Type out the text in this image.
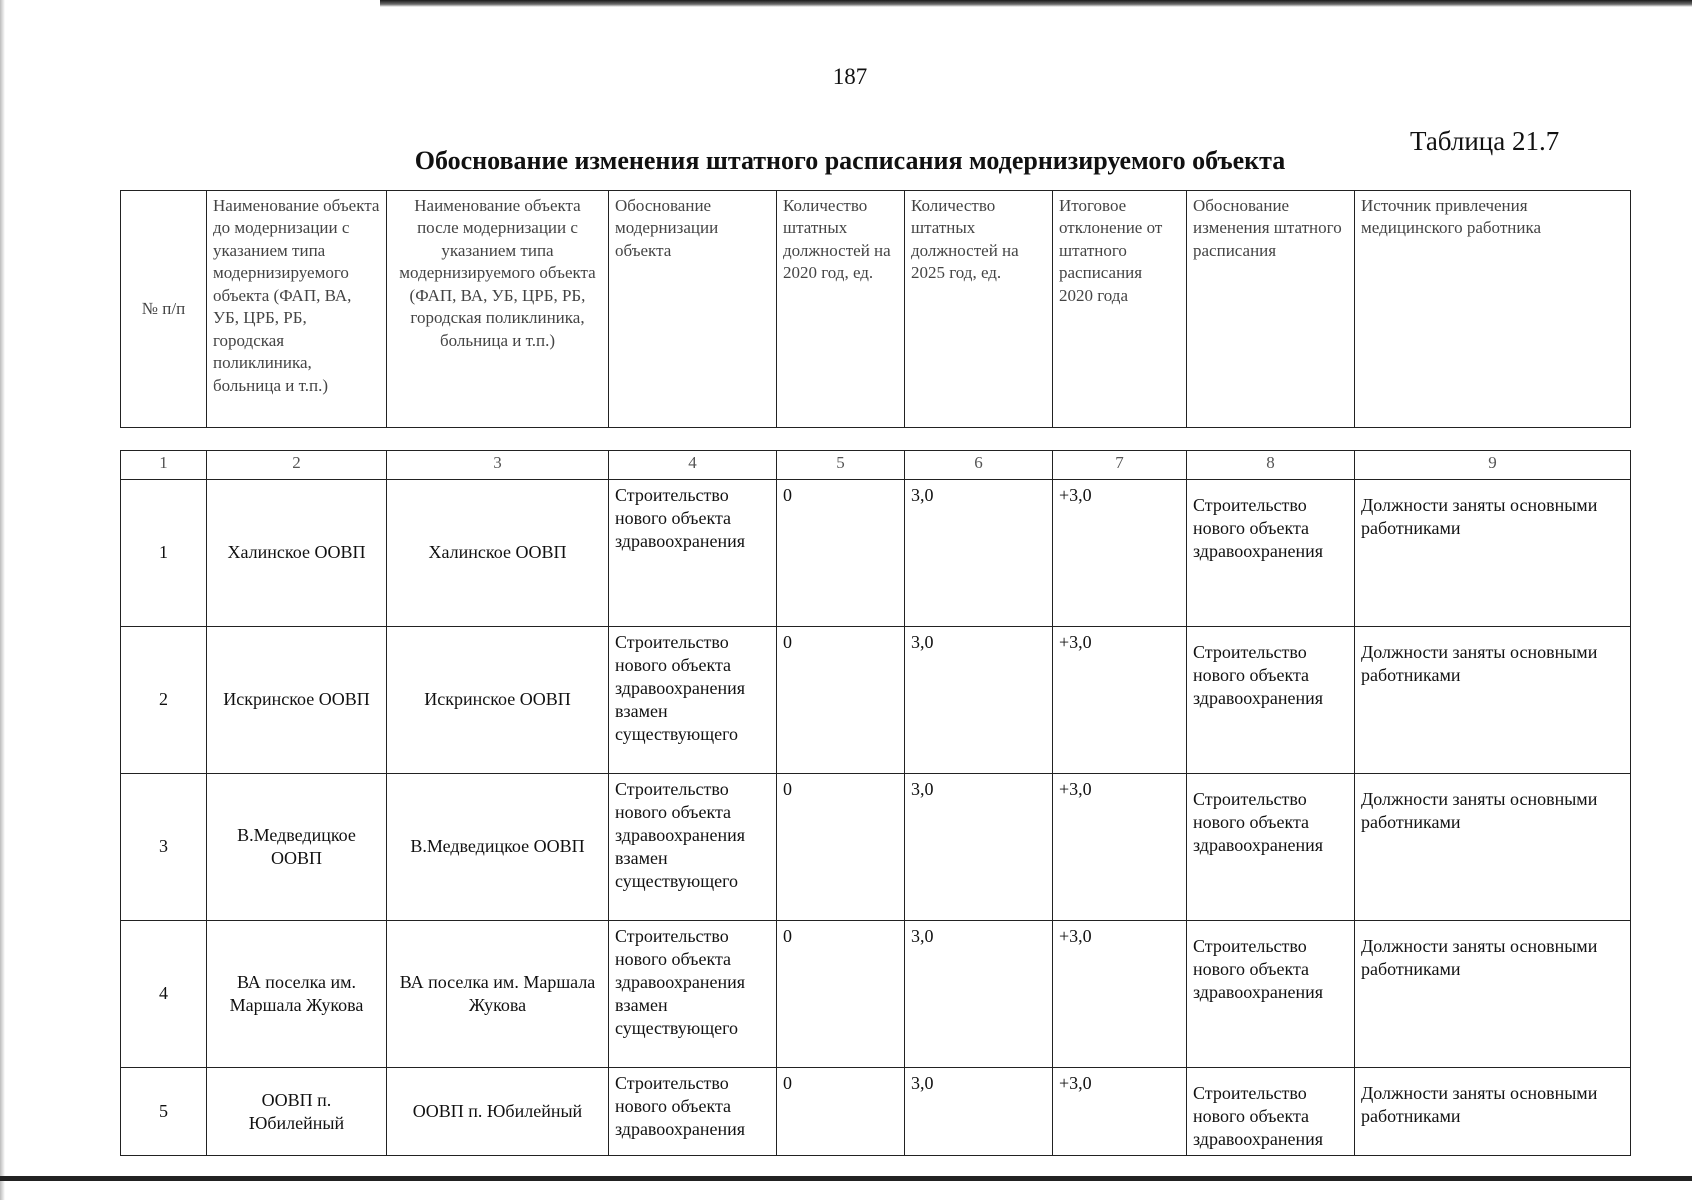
187
Таблица 21.7
Обоснование изменения штатного расписания модернизируемого объекта
№ п/п	Наименование объекта до модернизации с указанием типа модернизируемого объекта (ФАП, ВА, УБ, ЦРБ, РБ, городская поликлиника, больница и т.п.)	Наименование объекта после модернизации с указанием типа модернизируемого объекта (ФАП, ВА, УБ, ЦРБ, РБ, городская поликлиника, больница и т.п.)	Обоснование модернизации объекта	Количество штатных должностей на 2020 год, ед.	Количество штатных должностей на 2025 год, ед.	Итоговое отклонение от штатного расписания 2020 года	Обоснование изменения штатного расписания	Источник привлечения медицинского работника

1	2	3	4	5	6	7	8	9
1	Халинское ООВП	Халинское ООВП	Строительство нового объекта здравоохранения	0	3,0	+3,0	Строительство нового объекта здравоохранения	Должности заняты основными работниками
2	Искринское ООВП	Искринское ООВП	Строительство нового объекта здравоохранения взамен существующего	0	3,0	+3,0	Строительство нового объекта здравоохранения	Должности заняты основными работниками
3	В.Медведицкое ООВП	В.Медведицкое ООВП	Строительство нового объекта здравоохранения взамен существующего	0	3,0	+3,0	Строительство нового объекта здравоохранения	Должности заняты основными работниками
4	ВА поселка им. Маршала Жукова	ВА поселка им. Маршала Жукова	Строительство нового объекта здравоохранения взамен существующего	0	3,0	+3,0	Строительство нового объекта здравоохранения	Должности заняты основными работниками
5	ООВП п. Юбилейный	ООВП п. Юбилейный	Строительство нового объекта здравоохранения	0	3,0	+3,0	Строительство нового объекта здравоохранения	Должности заняты основными работниками
